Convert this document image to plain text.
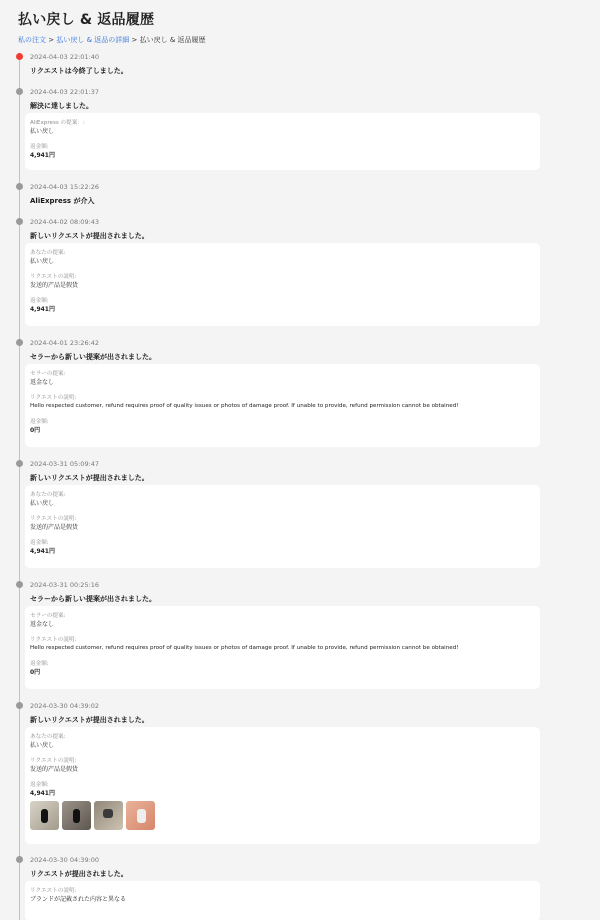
払い戻し & 返品履歴
私の注文 > 払い戻し & 返品の詳細 > 払い戻し & 返品履歴
2024-04-03 22:01:40
リクエストは今終了しました。
2024-04-03 22:01:37
解決に達しました。
AliExpress の提案：:
払い戻し
返金額:
4,941円
2024-04-03 15:22:26
AliExpress が介入
2024-04-02 08:09:43
新しいリクエストが提出されました。
あなたの提案:
払い戻し
リクエストの説明:
发送的产品是假货
返金額:
4,941円
2024-04-01 23:26:42
セラーから新しい提案が出されました。
セラーの提案:
返金なし
リクエストの説明:
Hello respected customer, refund requires proof of quality issues or photos of damage proof. If unable to provide, refund permission cannot be obtained!
返金額:
0円
2024-03-31 05:09:47
新しいリクエストが提出されました。
あなたの提案:
払い戻し
リクエストの説明:
发送的产品是假货
返金額:
4,941円
2024-03-31 00:25:16
セラーから新しい提案が出されました。
セラーの提案:
返金なし
リクエストの説明:
Hello respected customer, refund requires proof of quality issues or photos of damage proof. If unable to provide, refund permission cannot be obtained!
返金額:
0円
2024-03-30 04:39:02
新しいリクエストが提出されました。
あなたの提案:
払い戻し
リクエストの説明:
发送的产品是假货
返金額:
4,941円
2024-03-30 04:39:00
リクエストが提出されました。
リクエストの説明:
ブランドが記載された内容と異なる
